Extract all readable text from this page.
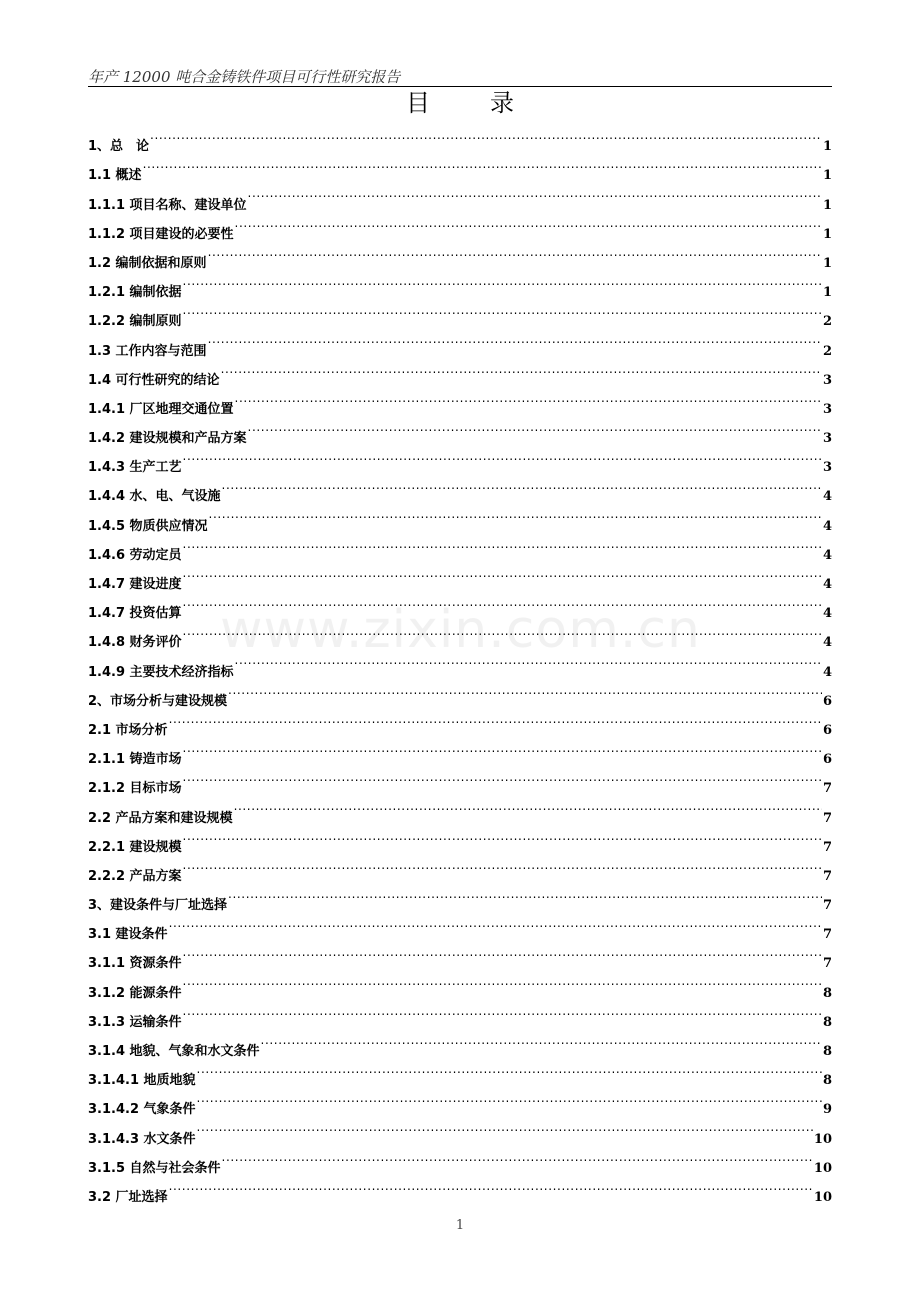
年产 12000 吨合金铸铁件项目可行性研究报告
目录
www.zixin.com.cn
1、总　论 .....	1
1.1 概述 .....	1
1.1.1 项目名称、建设单位 .....	1
1.1.2 项目建设的必要性 .....	1
1.2 编制依据和原则 .....	1
1.2.1 编制依据 .....	1
1.2.2 编制原则 .....	2
1.3 工作内容与范围 .....	2
1.4 可行性研究的结论 .....	3
1.4.1 厂区地理交通位置 .....	3
1.4.2 建设规模和产品方案 .....	3
1.4.3 生产工艺 .....	3
1.4.4 水、电、气设施 .....	4
1.4.5 物质供应情况 .....	4
1.4.6 劳动定员 .....	4
1.4.7 建设进度 .....	4
1.4.7 投资估算 .....	4
1.4.8 财务评价 .....	4
1.4.9 主要技术经济指标 .....	4
2、市场分析与建设规模 .....	6
2.1 市场分析 .....	6
2.1.1 铸造市场 .....	6
2.1.2 目标市场 .....	7
2.2 产品方案和建设规模 .....	7
2.2.1 建设规模 .....	7
2.2.2 产品方案 .....	7
3、建设条件与厂址选择 .....	7
3.1 建设条件 .....	7
3.1.1 资源条件 .....	7
3.1.2 能源条件 .....	8
3.1.3 运输条件 .....	8
3.1.4 地貌、气象和水文条件 .....	8
3.1.4.1 地质地貌 .....	8
3.1.4.2 气象条件 .....	9
3.1.4.3 水文条件 .....	10
3.1.5 自然与社会条件 .....	10
3.2 厂址选择 .....	10
1
